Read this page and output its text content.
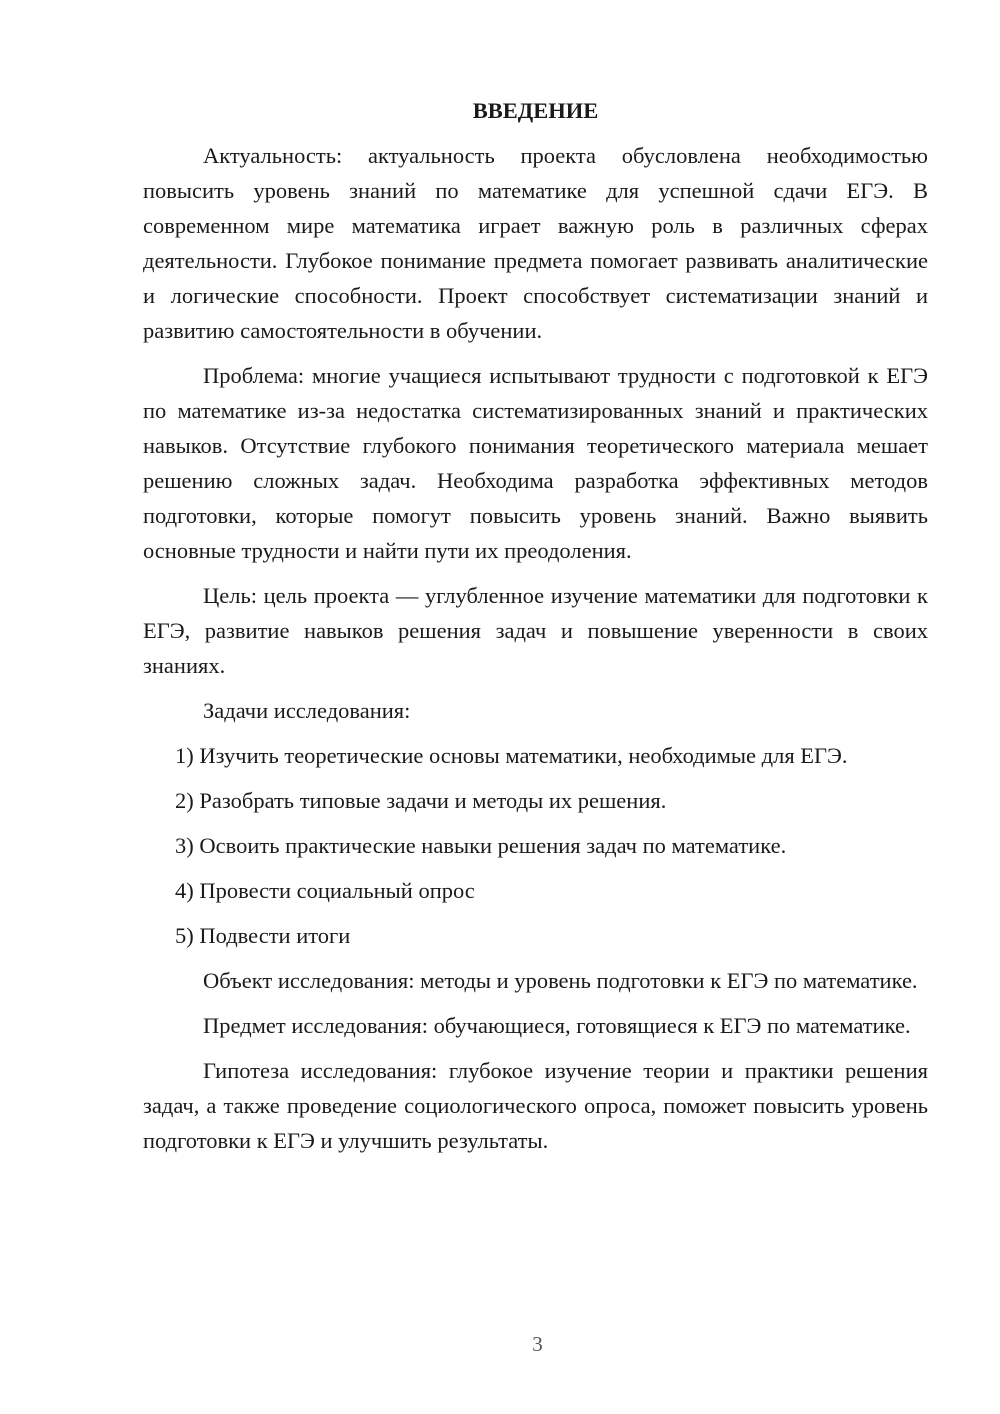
ВВЕДЕНИЕ

Актуальность: актуальность проекта обусловлена необходимостью повысить уровень знаний по математике для успешной сдачи ЕГЭ. В современном мире математика играет важную роль в различных сферах деятельности. Глубокое понимание предмета помогает развивать аналитические и логические способности. Проект способствует систематизации знаний и развитию самостоятельности в обучении.

Проблема: многие учащиеся испытывают трудности с подготовкой к ЕГЭ по математике из-за недостатка систематизированных знаний и практических навыков. Отсутствие глубокого понимания теоретического материала мешает решению сложных задач. Необходима разработка эффективных методов подготовки, которые помогут повысить уровень знаний. Важно выявить основные трудности и найти пути их преодоления.

Цель: цель проекта — углубленное изучение математики для подготовки к ЕГЭ, развитие навыков решения задач и повышение уверенности в своих знаниях.

Задачи исследования:

1) Изучить теоретические основы математики, необходимые для ЕГЭ.
2) Разобрать типовые задачи и методы их решения.
3) Освоить практические навыки решения задач по математике.
4) Провести социальный опрос
5) Подвести итоги

Объект исследования: методы и уровень подготовки к ЕГЭ по математике.

Предмет исследования: обучающиеся, готовящиеся к ЕГЭ по математике.

Гипотеза исследования: глубокое изучение теории и практики решения задач, а также проведение социологического опроса, поможет повысить уровень подготовки к ЕГЭ и улучшить результаты.

3
